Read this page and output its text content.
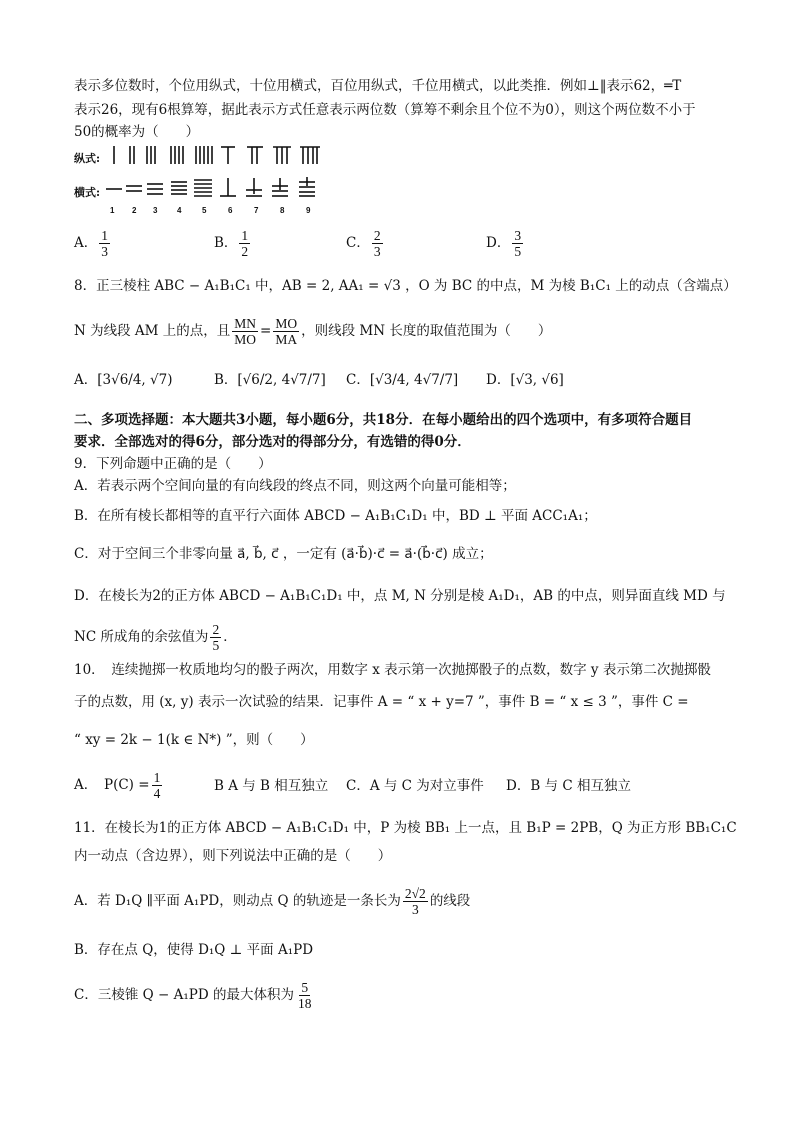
表示多位数时，个位用纵式，十位用横式，百位用纵式，千位用横式，以此类推．例如⊥‖表示62，═T
表示26，现有6根算筹，据此表示方式任意表示两位数（算筹不剩余且个位不为0），则这个两位数不小于
50的概率为（　　）
纵式:
横式:
1 2 3 4	5	6	7	8	9
A． $\frac{1}{3}$	B． $\frac{1}{2}$	C． $\frac{2}{3}$	D． $\frac{3}{5}$
8．正三棱柱 ABC − A₁B₁C₁ 中，AB = 2, AA₁ = √3 ，O 为 BC 的中点，M 为棱 B₁C₁ 上的动点（含端点）
N 为线段 AM 上的点，且 $\frac{MN}{MO} = \frac{MO}{MA}$ ，则线段 MN 长度的取值范围为（　　）
A．[3√6/4, √7)	B．[√6/2, 4√7/7] C．[√3/4, 4√7/7] D．[√3, √6]
二、多项选择题：本大题共3小题，每小题6分，共18分．在每小题给出的四个选项中，有多项符合题目
要求．全部选对的得6分，部分选对的得部分分，有选错的得0分．
9．下列命题中正确的是（　　）
A．若表示两个空间向量的有向线段的终点不同，则这两个向量可能相等；
B．在所有棱长都相等的直平行六面体 ABCD − A₁B₁C₁D₁ 中，BD ⊥ 平面 ACC₁A₁；
C．对于空间三个非零向量 a⃗, b⃗, c⃗ ，一定有 (a⃗·b⃗)·c⃗ = a⃗·(b⃗·c⃗) 成立；
D．在棱长为2的正方体 ABCD − A₁B₁C₁D₁ 中，点 M, N 分别是棱 A₁D₁，AB 的中点，则异面直线 MD 与
NC 所成角的余弦值为 $\frac{2}{5}$ ．
10．　连续抛掷一枚质地均匀的骰子两次，用数字 x 表示第一次抛掷骰子的点数，数字 y 表示第二次抛掷骰
子的点数，用 (x, y) 表示一次试验的结果．记事件 A = “ x + y=7 ”，事件 B = “ x ≤ 3 ”，事件 C =
“ xy = 2k − 1(k ∈ N*) ”，则（　　）
A．　$P(C) = \frac{1}{4}$	B A 与 B 相互独立 C．A 与 C 为对立事件 D．B 与 C 相互独立
11．在棱长为1的正方体 ABCD − A₁B₁C₁D₁ 中，P 为棱 BB₁ 上一点，且 B₁P = 2PB，Q 为正方形 BB₁C₁C
内一动点（含边界），则下列说法中正确的是（　　）
A．若 D₁Q ∥平面 A₁PD，则动点 Q 的轨迹是一条长为 $\frac{2√2}{3}$ 的线段
B．存在点 Q，使得 D₁Q ⊥ 平面 A₁PD
C．三棱锥 Q − A₁PD 的最大体积为 $\frac{5}{18}$
